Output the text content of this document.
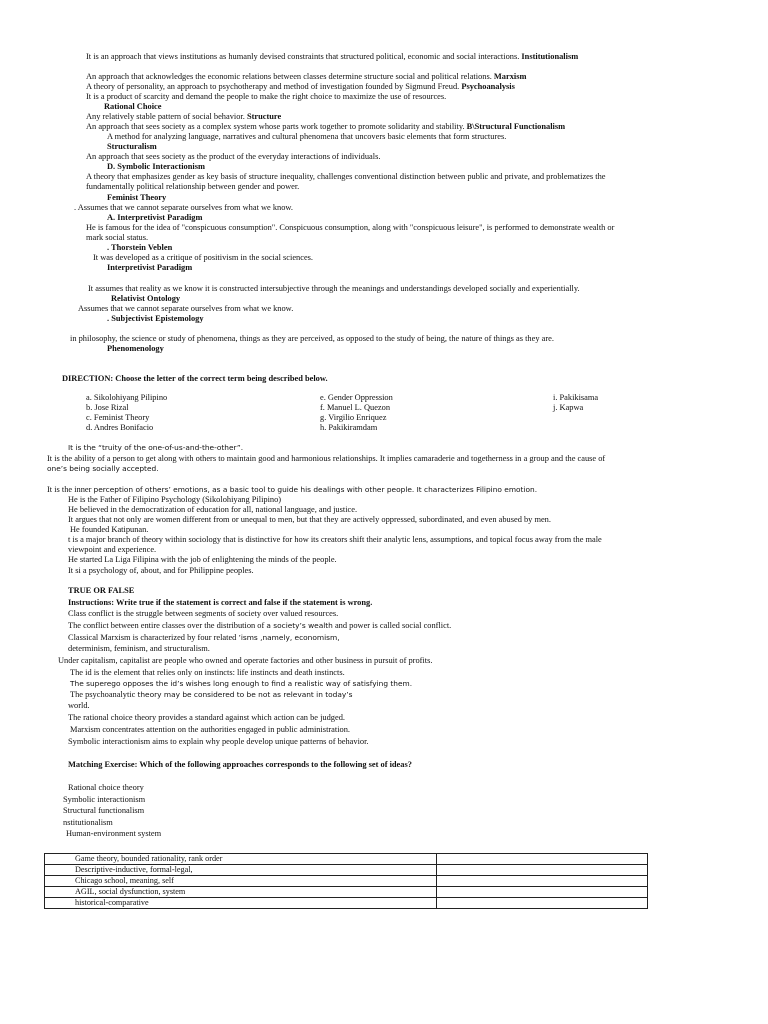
It is an approach that views institutions as humanly devised constraints that structured political, economic and social interactions. Institutionalism
An approach that acknowledges the economic relations between classes determine structure social and political relations. Marxism
A theory of personality, an approach to psychotherapy and method of investigation founded by Sigmund Freud. Psychoanalysis
It is a product of scarcity and demand the people to make the right choice to maximize the use of resources.
Rational Choice
Any relatively stable pattern of social behavior. Structure
An approach that sees society as a complex system whose parts work together to promote solidarity and stability. B\Structural Functionalism
A method for analyzing language, narratives and cultural phenomena that uncovers basic elements that form structures.
Structuralism
An approach that sees society as the product of the everyday interactions of individuals.
D. Symbolic Interactionism
A theory that emphasizes gender as key basis of structure inequality, challenges conventional distinction between public and private, and problematizes the
fundamentally political relationship between gender and power.
Feminist Theory
. Assumes that we cannot separate ourselves from what we know.
A. Interpretivist Paradigm
He is famous for the idea of "conspicuous consumption". Conspicuous consumption, along with "conspicuous leisure", is performed to demonstrate wealth or
mark social status.
. Thorstein Veblen
It was developed as a critique of positivism in the social sciences.
Interpretivist Paradigm
It assumes that reality as we know it is constructed intersubjective through the meanings and understandings developed socially and experientially.
Relativist Ontology
Assumes that we cannot separate ourselves from what we know.
. Subjectivist Epistemology
in philosophy, the science or study of phenomena, things as they are perceived, as opposed to the study of being, the nature of things as they are.
Phenomenology
DIRECTION: Choose the letter of the correct term being described below.
a. Sikolohiyang Pilipino
b. Jose Rizal
c. Feminist Theory
d. Andres Bonifacio
e. Gender Oppression
f. Manuel L. Quezon
g. Virgilio Enriquez
h. Pakikiramdam
i. Pakikisama
j. Kapwa
It is the “truity of the one-of-us-and-the-other”.
It is the ability of a person to get along with others to maintain good and harmonious relationships. It implies camaraderie and togetherness in a group and the cause of
one’s being socially accepted.
It is the inner perception of others’ emotions, as a basic tool to guide his dealings with other people. It characterizes Filipino emotion.
He is the Father of Filipino Psychology (Sikolohiyang Pilipino)
He believed in the democratization of education for all, national language, and justice.
It argues that not only are women different from or unequal to men, but that they are actively oppressed, subordinated, and even abused by men.
He founded Katipunan.
t is a major branch of theory within sociology that is distinctive for how its creators shift their analytic lens, assumptions, and topical focus away from the male
viewpoint and experience.
He started La Liga Filipina with the job of enlightening the minds of the people.
It si a psychology of, about, and for Philippine peoples.
TRUE OR FALSE
Instructions: Write true if the statement is correct and false if the statement is wrong.
Class conflict is the struggle between segments of society over valued resources.
The conflict between entire classes over the distribution of a society’s wealth and power is called social conflict.
Classical Marxism is characterized by four related ’isms ,namely, economism,
determinism, feminism, and structuralism.
Under capitalism, capitalist are people who owned and operate factories and other business in pursuit of profits.
The id is the element that relies only on instincts: life instincts and death instincts.
The superego opposes the id’s wishes long enough to find a realistic way of satisfying them.
The psychoanalytic theory may be considered to be not as relevant in today’s
world.
The rational choice theory provides a standard against which action can be judged.
Marxism concentrates attention on the authorities engaged in public administration.
Symbolic interactionism aims to explain why people develop unique patterns of behavior.
Matching Exercise: Which of the following approaches corresponds to the following set of ideas?
Rational choice theory
Symbolic interactionism
Structural functionalism
nstitutionalism
Human-environment system
Game theory, bounded rationality, rank order	
Descriptive-inductive, formal-legal,	
Chicago school, meaning, self	
AGIL, social dysfunction, system	
historical-comparative	
